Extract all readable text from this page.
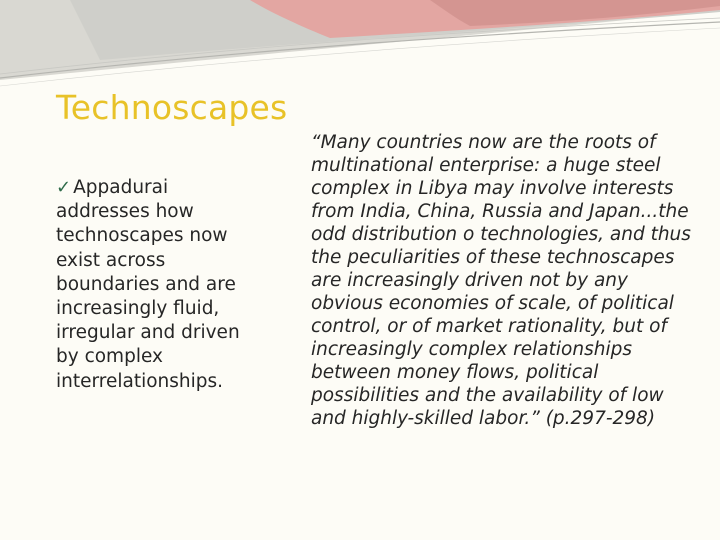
Technoscapes
✓ Appadurai addresses how technoscapes now exist across boundaries and are increasingly fluid, irregular and driven by complex interrelationships.

“Many countries now are the roots of multinational enterprise: a huge steel complex in Libya may involve interests from India, China, Russia and Japan...the odd distribution o technologies, and thus the peculiarities of these technoscapes are increasingly driven not by any obvious economies of scale, of political control, or of market rationality, but of increasingly complex relationships between money flows, political possibilities and the availability of low and highly-skilled labor.” (p.297-298)
